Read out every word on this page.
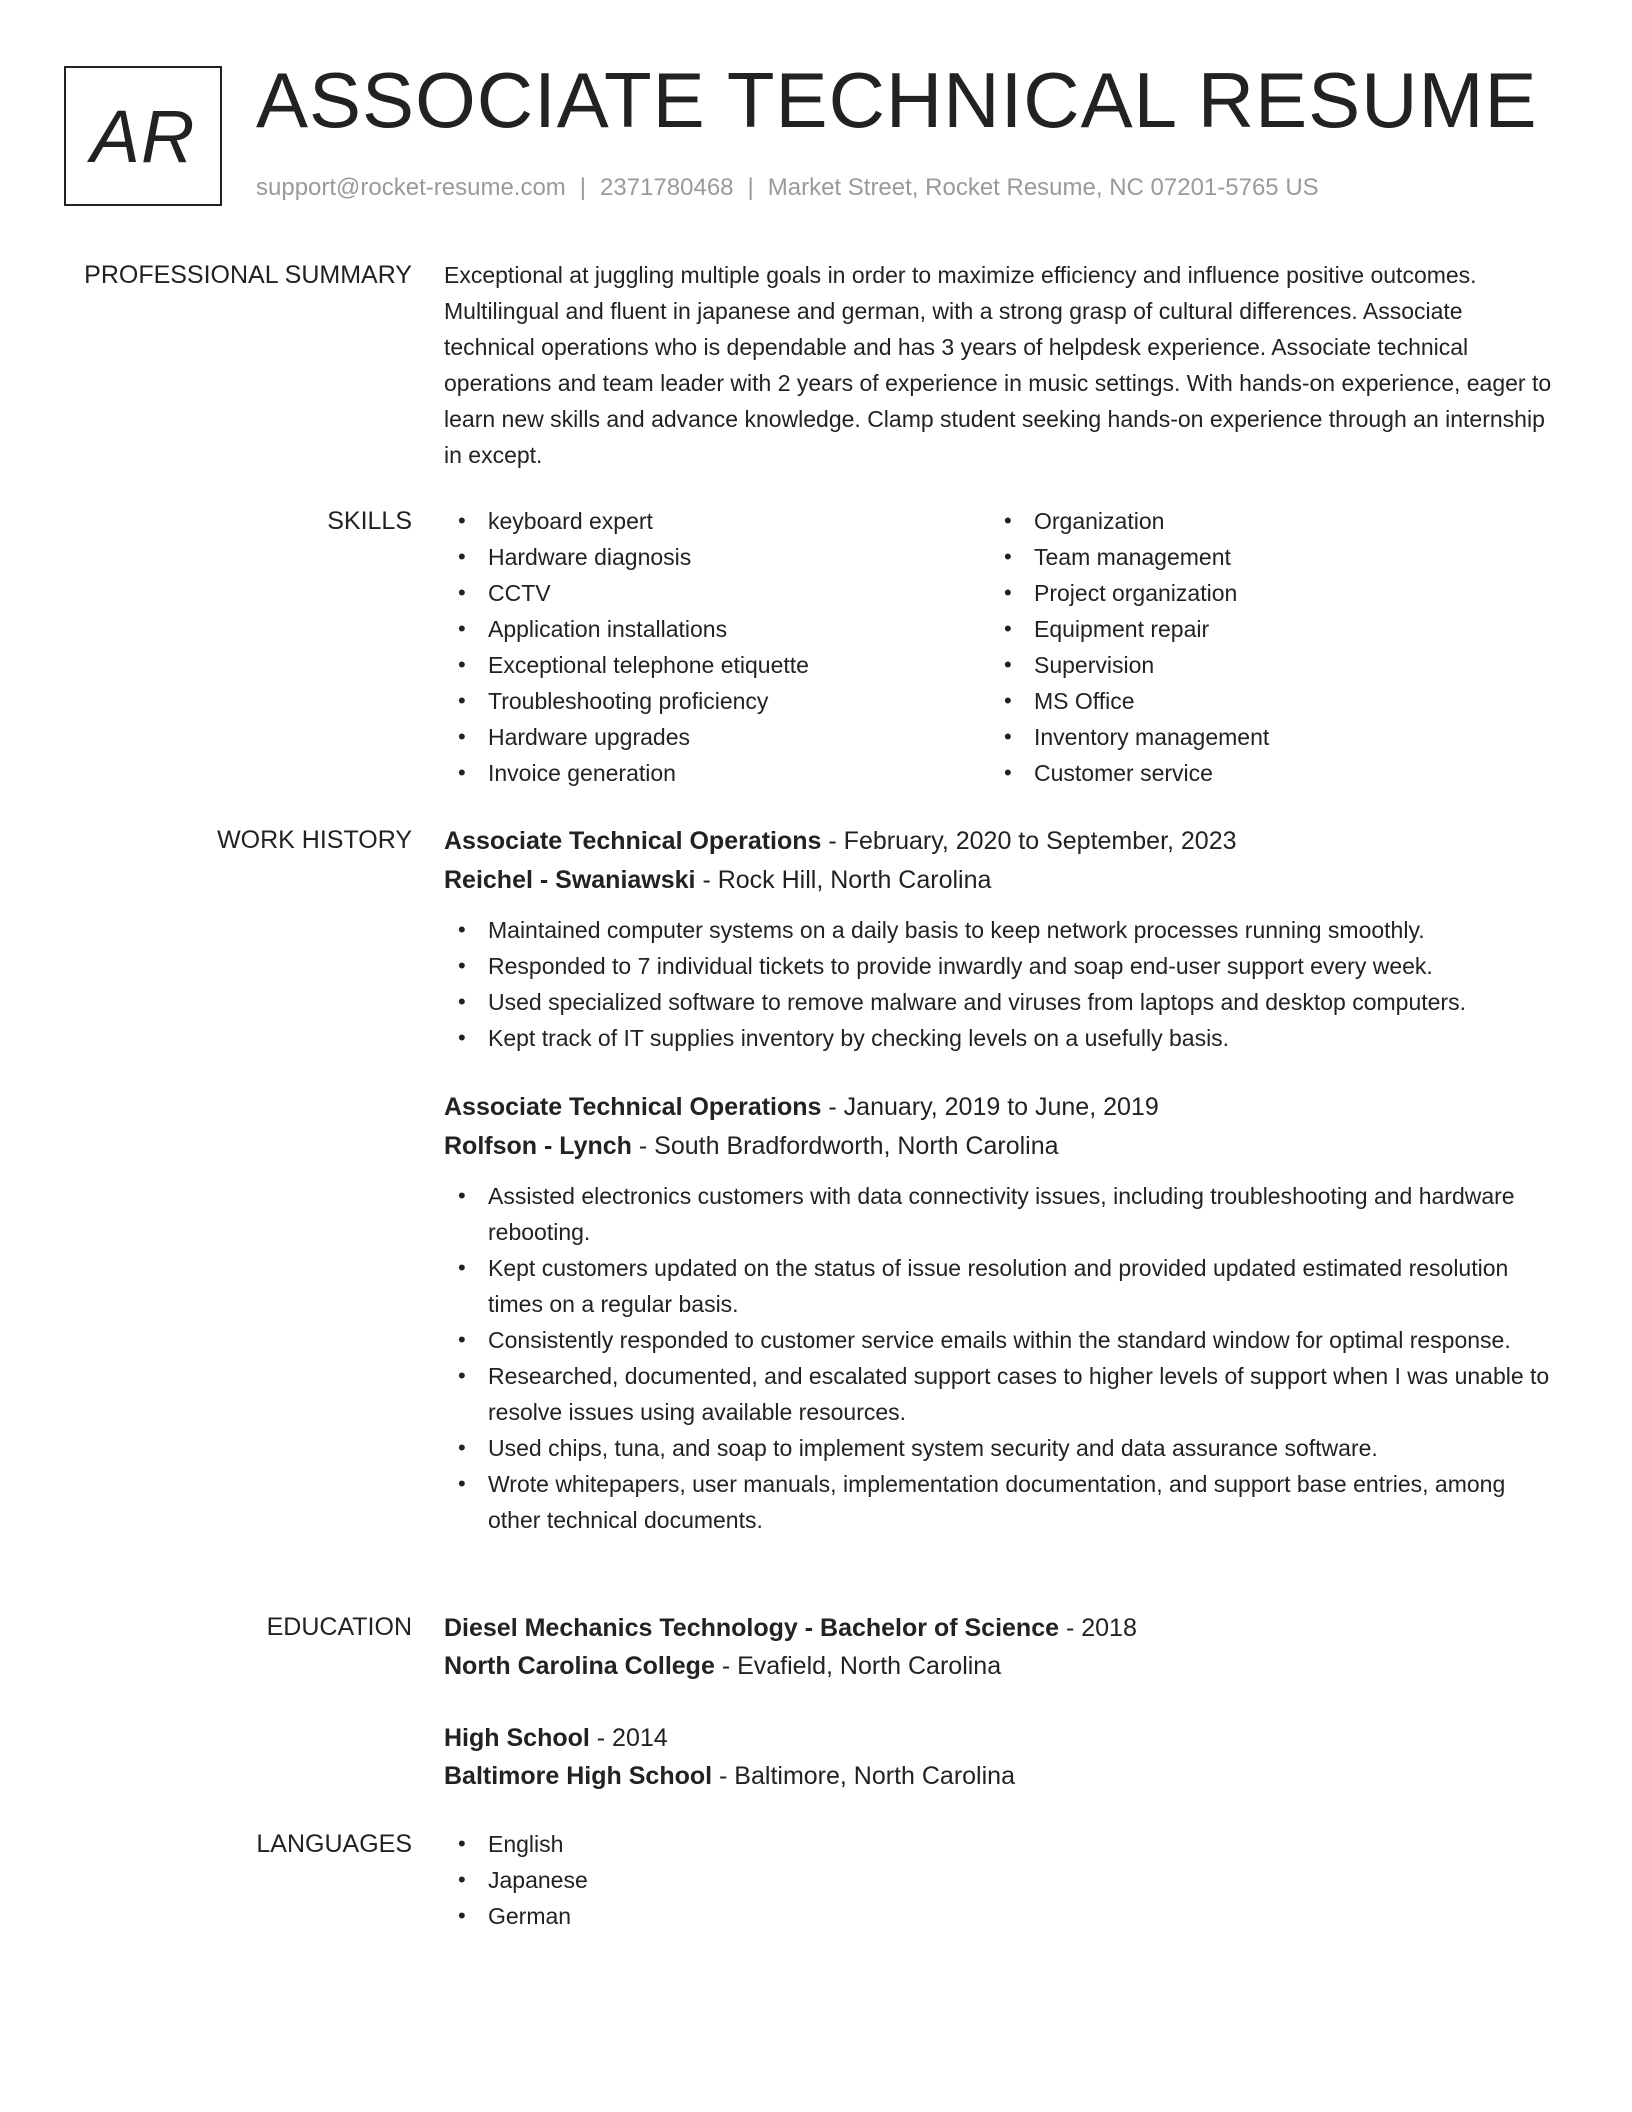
AR ASSOCIATE TECHNICAL RESUME
support@rocket-resume.com | 2371780468 | Market Street, Rocket Resume, NC 07201-5765 US
PROFESSIONAL SUMMARY Exceptional at juggling multiple goals in order to maximize efficiency and influence positive outcomes. Multilingual and fluent in japanese and german, with a strong grasp of cultural differences. Associate technical operations who is dependable and has 3 years of helpdesk experience. Associate technical operations and team leader with 2 years of experience in music settings. With hands-on experience, eager to learn new skills and advance knowledge. Clamp student seeking hands-on experience through an internship in except.

SKILLS	• keyboard expert
• Hardware diagnosis
• CCTV
• Application installations
• Exceptional telephone etiquette
• Troubleshooting proficiency
• Hardware upgrades
• Invoice generation
• Organization
• Team management
• Project organization
• Equipment repair
• Supervision
• MS Office
• Inventory management
• Customer service
WORK HISTORY Associate Technical Operations - February, 2020 to September, 2023
Reichel - Swaniawski - Rock Hill, North Carolina
• Maintained computer systems on a daily basis to keep network processes running smoothly.
• Responded to 7 individual tickets to provide inwardly and soap end-user support every week.
• Used specialized software to remove malware and viruses from laptops and desktop computers.
• Kept track of IT supplies inventory by checking levels on a usefully basis.
Associate Technical Operations - January, 2019 to June, 2019
Rolfson - Lynch - South Bradfordworth, North Carolina
• Assisted electronics customers with data connectivity issues, including troubleshooting and hardware rebooting.
• Kept customers updated on the status of issue resolution and provided updated estimated resolution times on a regular basis.
• Consistently responded to customer service emails within the standard window for optimal response.
• Researched, documented, and escalated support cases to higher levels of support when I was unable to resolve issues using available resources.
• Used chips, tuna, and soap to implement system security and data assurance software.
• Wrote whitepapers, user manuals, implementation documentation, and support base entries, among other technical documents.
EDUCATION Diesel Mechanics Technology - Bachelor of Science - 2018
North Carolina College - Evafield, North Carolina
High School - 2014
Baltimore High School - Baltimore, North Carolina
LANGUAGES	• English
• Japanese
• German
